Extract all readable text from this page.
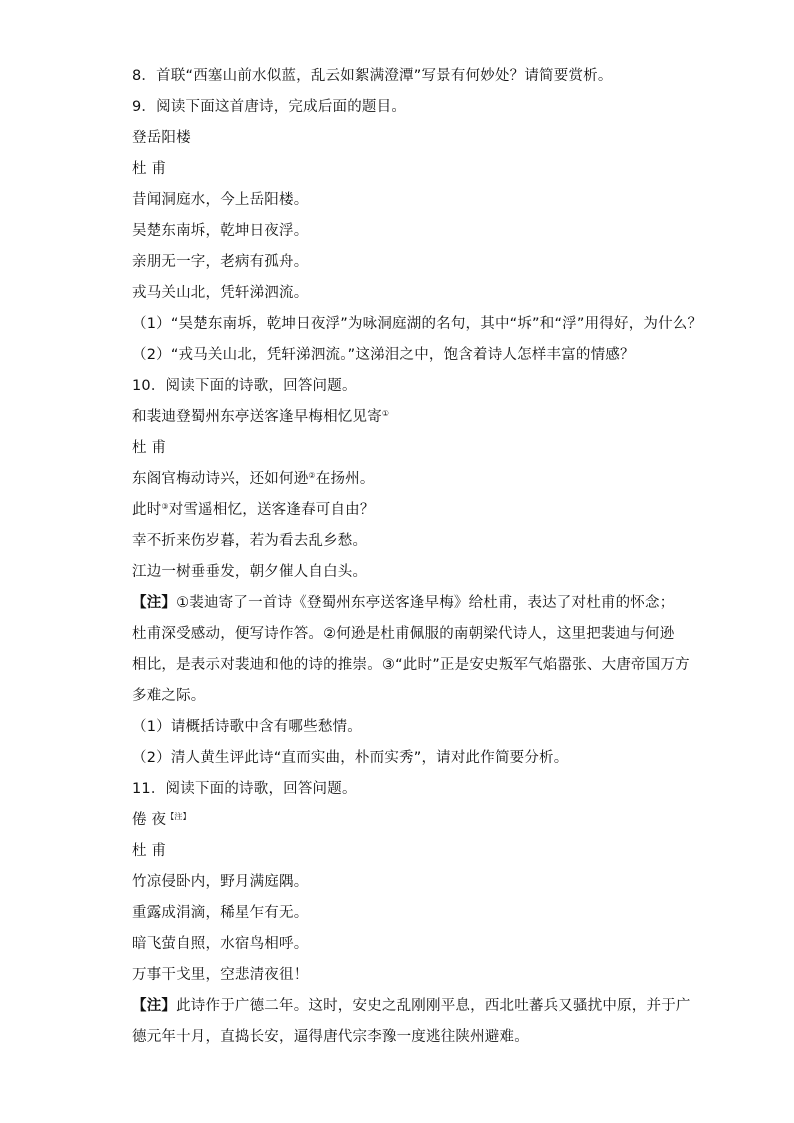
8．首联“西塞山前水似蓝，乱云如絮满澄潭”写景有何妙处？请简要赏析。
9．阅读下面这首唐诗，完成后面的题目。
登岳阳楼
杜 甫
昔闻洞庭水，今上岳阳楼。
吴楚东南坼，乾坤日夜浮。
亲朋无一字，老病有孤舟。
戎马关山北，凭轩涕泗流。
（1）“吴楚东南坼，乾坤日夜浮”为咏洞庭湖的名句，其中“坼”和“浮”用得好，为什么？
（2）“戎马关山北，凭轩涕泗流。”这涕泪之中，饱含着诗人怎样丰富的情感？
10．阅读下面的诗歌，回答问题。
和裴迪登蜀州东亭送客逢早梅相忆见寄①
杜 甫
东阁官梅动诗兴，还如何逊②在扬州。
此时③对雪遥相忆，送客逢春可自由？
幸不折来伤岁暮，若为看去乱乡愁。
江边一树垂垂发，朝夕催人自白头。
【注】①裴迪寄了一首诗《登蜀州东亭送客逢早梅》给杜甫，表达了对杜甫的怀念；
杜甫深受感动，便写诗作答。②何逊是杜甫佩服的南朝梁代诗人，这里把裴迪与何逊
相比，是表示对裴迪和他的诗的推崇。③“此时”正是安史叛军气焰嚣张、大唐帝国万方
多难之际。
（1）请概括诗歌中含有哪些愁情。
（2）清人黄生评此诗“直而实曲，朴而实秀”，请对此作简要分析。
11．阅读下面的诗歌，回答问题。
倦 夜$^{【注】}$
杜 甫
竹凉侵卧内，野月满庭隅。
重露成涓滴，稀星乍有无。
暗飞萤自照，水宿鸟相呼。
万事干戈里，空悲清夜徂！
【注】此诗作于广德二年。这时，安史之乱刚刚平息，西北吐蕃兵又骚扰中原，并于广
德元年十月，直捣长安，逼得唐代宗李豫一度逃往陕州避难。
